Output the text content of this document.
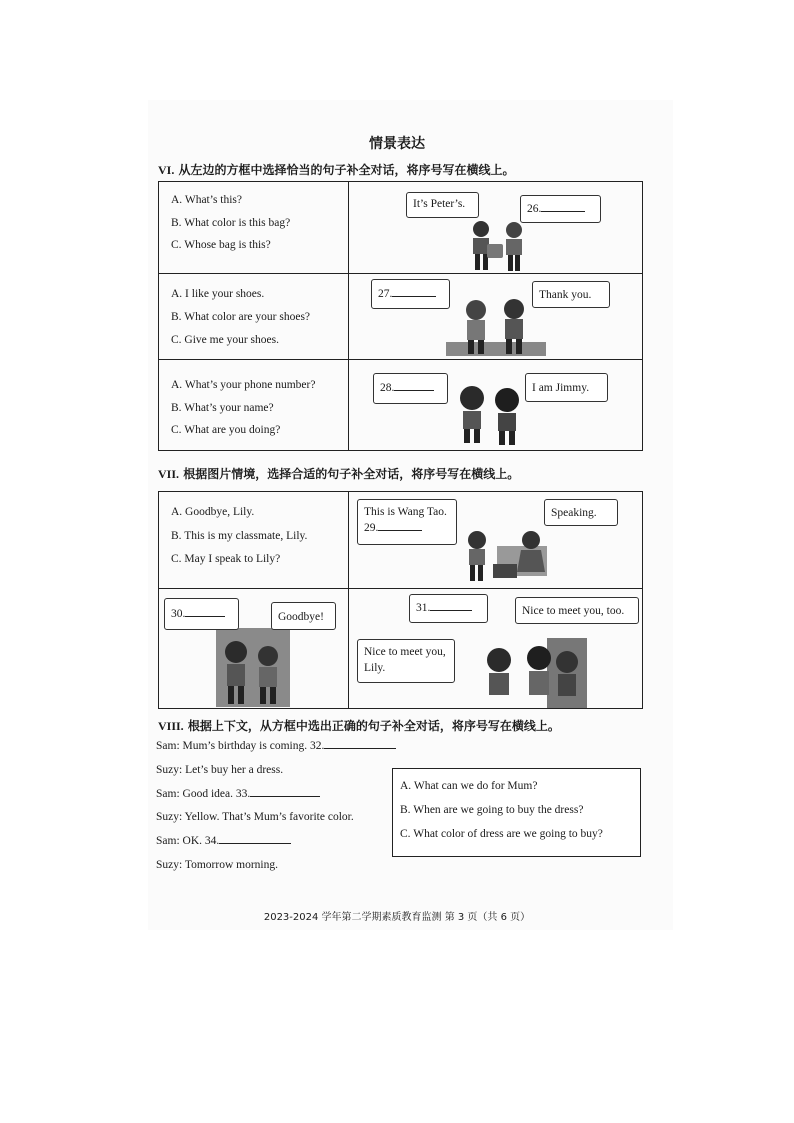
情景表达
VI. 从左边的方框中选择恰当的句子补全对话，将序号写在横线上。
A. What’s this?
B. What color is this bag?
C. Whose bag is this?
It’s Peter’s.	26.
A. I like your shoes.
B. What color are your shoes?
C. Give me your shoes.
27.	Thank you.
A. What’s your phone number?
B. What’s your name?
C. What are you doing?
28.	I am Jimmy.
VII. 根据图片情境，选择合适的句子补全对话，将序号写在横线上。
A. Goodbye, Lily.
B. This is my classmate, Lily.
C. May I speak to Lily?
This is Wang Tao.
29.
Speaking.
30.	Goodbye!
31.	Nice to meet you, too.
Nice to meet you,
Lily.
VIII. 根据上下文，从方框中选出正确的句子补全对话，将序号写在横线上。
Sam: Mum’s birthday is coming. 32.
Suzy: Let’s buy her a dress.
Sam: Good idea. 33.
Suzy: Yellow. That’s Mum’s favorite color.
Sam: OK. 34.
Suzy: Tomorrow morning.
A. What can we do for Mum?
B. When are we going to buy the dress?
C. What color of dress are we going to buy?
2023-2024 学年第二学期素质教育监测 第 3 页（共 6 页）
